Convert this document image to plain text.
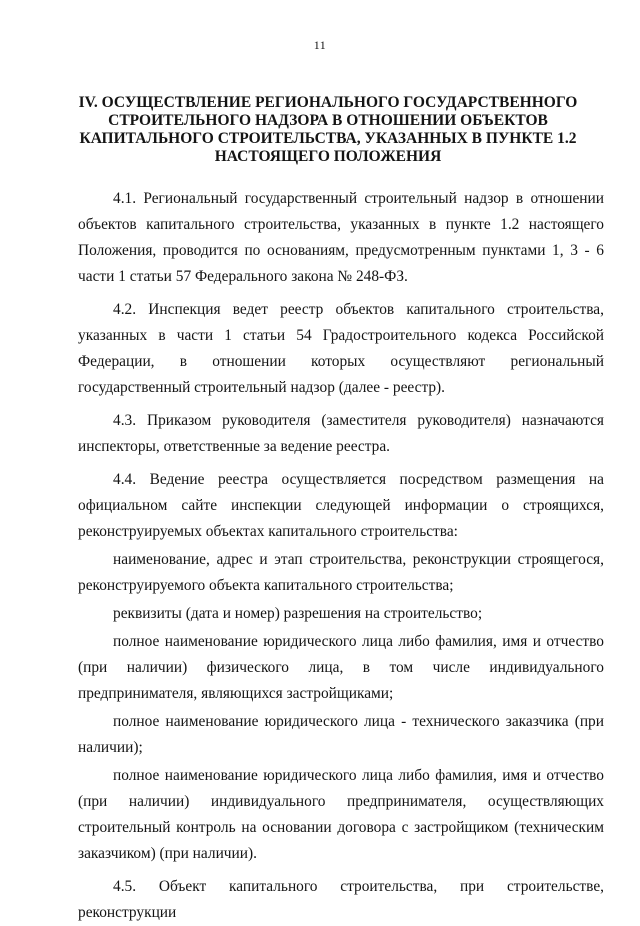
11
IV. ОСУЩЕСТВЛЕНИЕ РЕГИОНАЛЬНОГО ГОСУДАРСТВЕННОГО СТРОИТЕЛЬНОГО НАДЗОРА В ОТНОШЕНИИ ОБЪЕКТОВ КАПИТАЛЬНОГО СТРОИТЕЛЬСТВА, УКАЗАННЫХ В ПУНКТЕ 1.2 НАСТОЯЩЕГО ПОЛОЖЕНИЯ

4.1. Региональный государственный строительный надзор в отношении объектов капитального строительства, указанных в пункте 1.2 настоящего Положения, проводится по основаниям, предусмотренным пунктами 1, 3 - 6 части 1 статьи 57 Федерального закона № 248-ФЗ.

4.2. Инспекция ведет реестр объектов капитального строительства, указанных в части 1 статьи 54 Градостроительного кодекса Российской Федерации, в отношении которых осуществляют региональный государственный строительный надзор (далее - реестр).

4.3. Приказом руководителя (заместителя руководителя) назначаются инспекторы, ответственные за ведение реестра.

4.4. Ведение реестра осуществляется посредством размещения на официальном сайте инспекции следующей информации о строящихся, реконструируемых объектах капитального строительства:

наименование, адрес и этап строительства, реконструкции строящегося, реконструируемого объекта капитального строительства;

реквизиты (дата и номер) разрешения на строительство;

полное наименование юридического лица либо фамилия, имя и отчество (при наличии) физического лица, в том числе индивидуального предпринимателя, являющихся застройщиками;

полное наименование юридического лица - технического заказчика (при наличии);

полное наименование юридического лица либо фамилия, имя и отчество (при наличии) индивидуального предпринимателя, осуществляющих строительный контроль на основании договора с застройщиком (техническим заказчиком) (при наличии).

4.5. Объект капитального строительства, при строительстве, реконструкции
